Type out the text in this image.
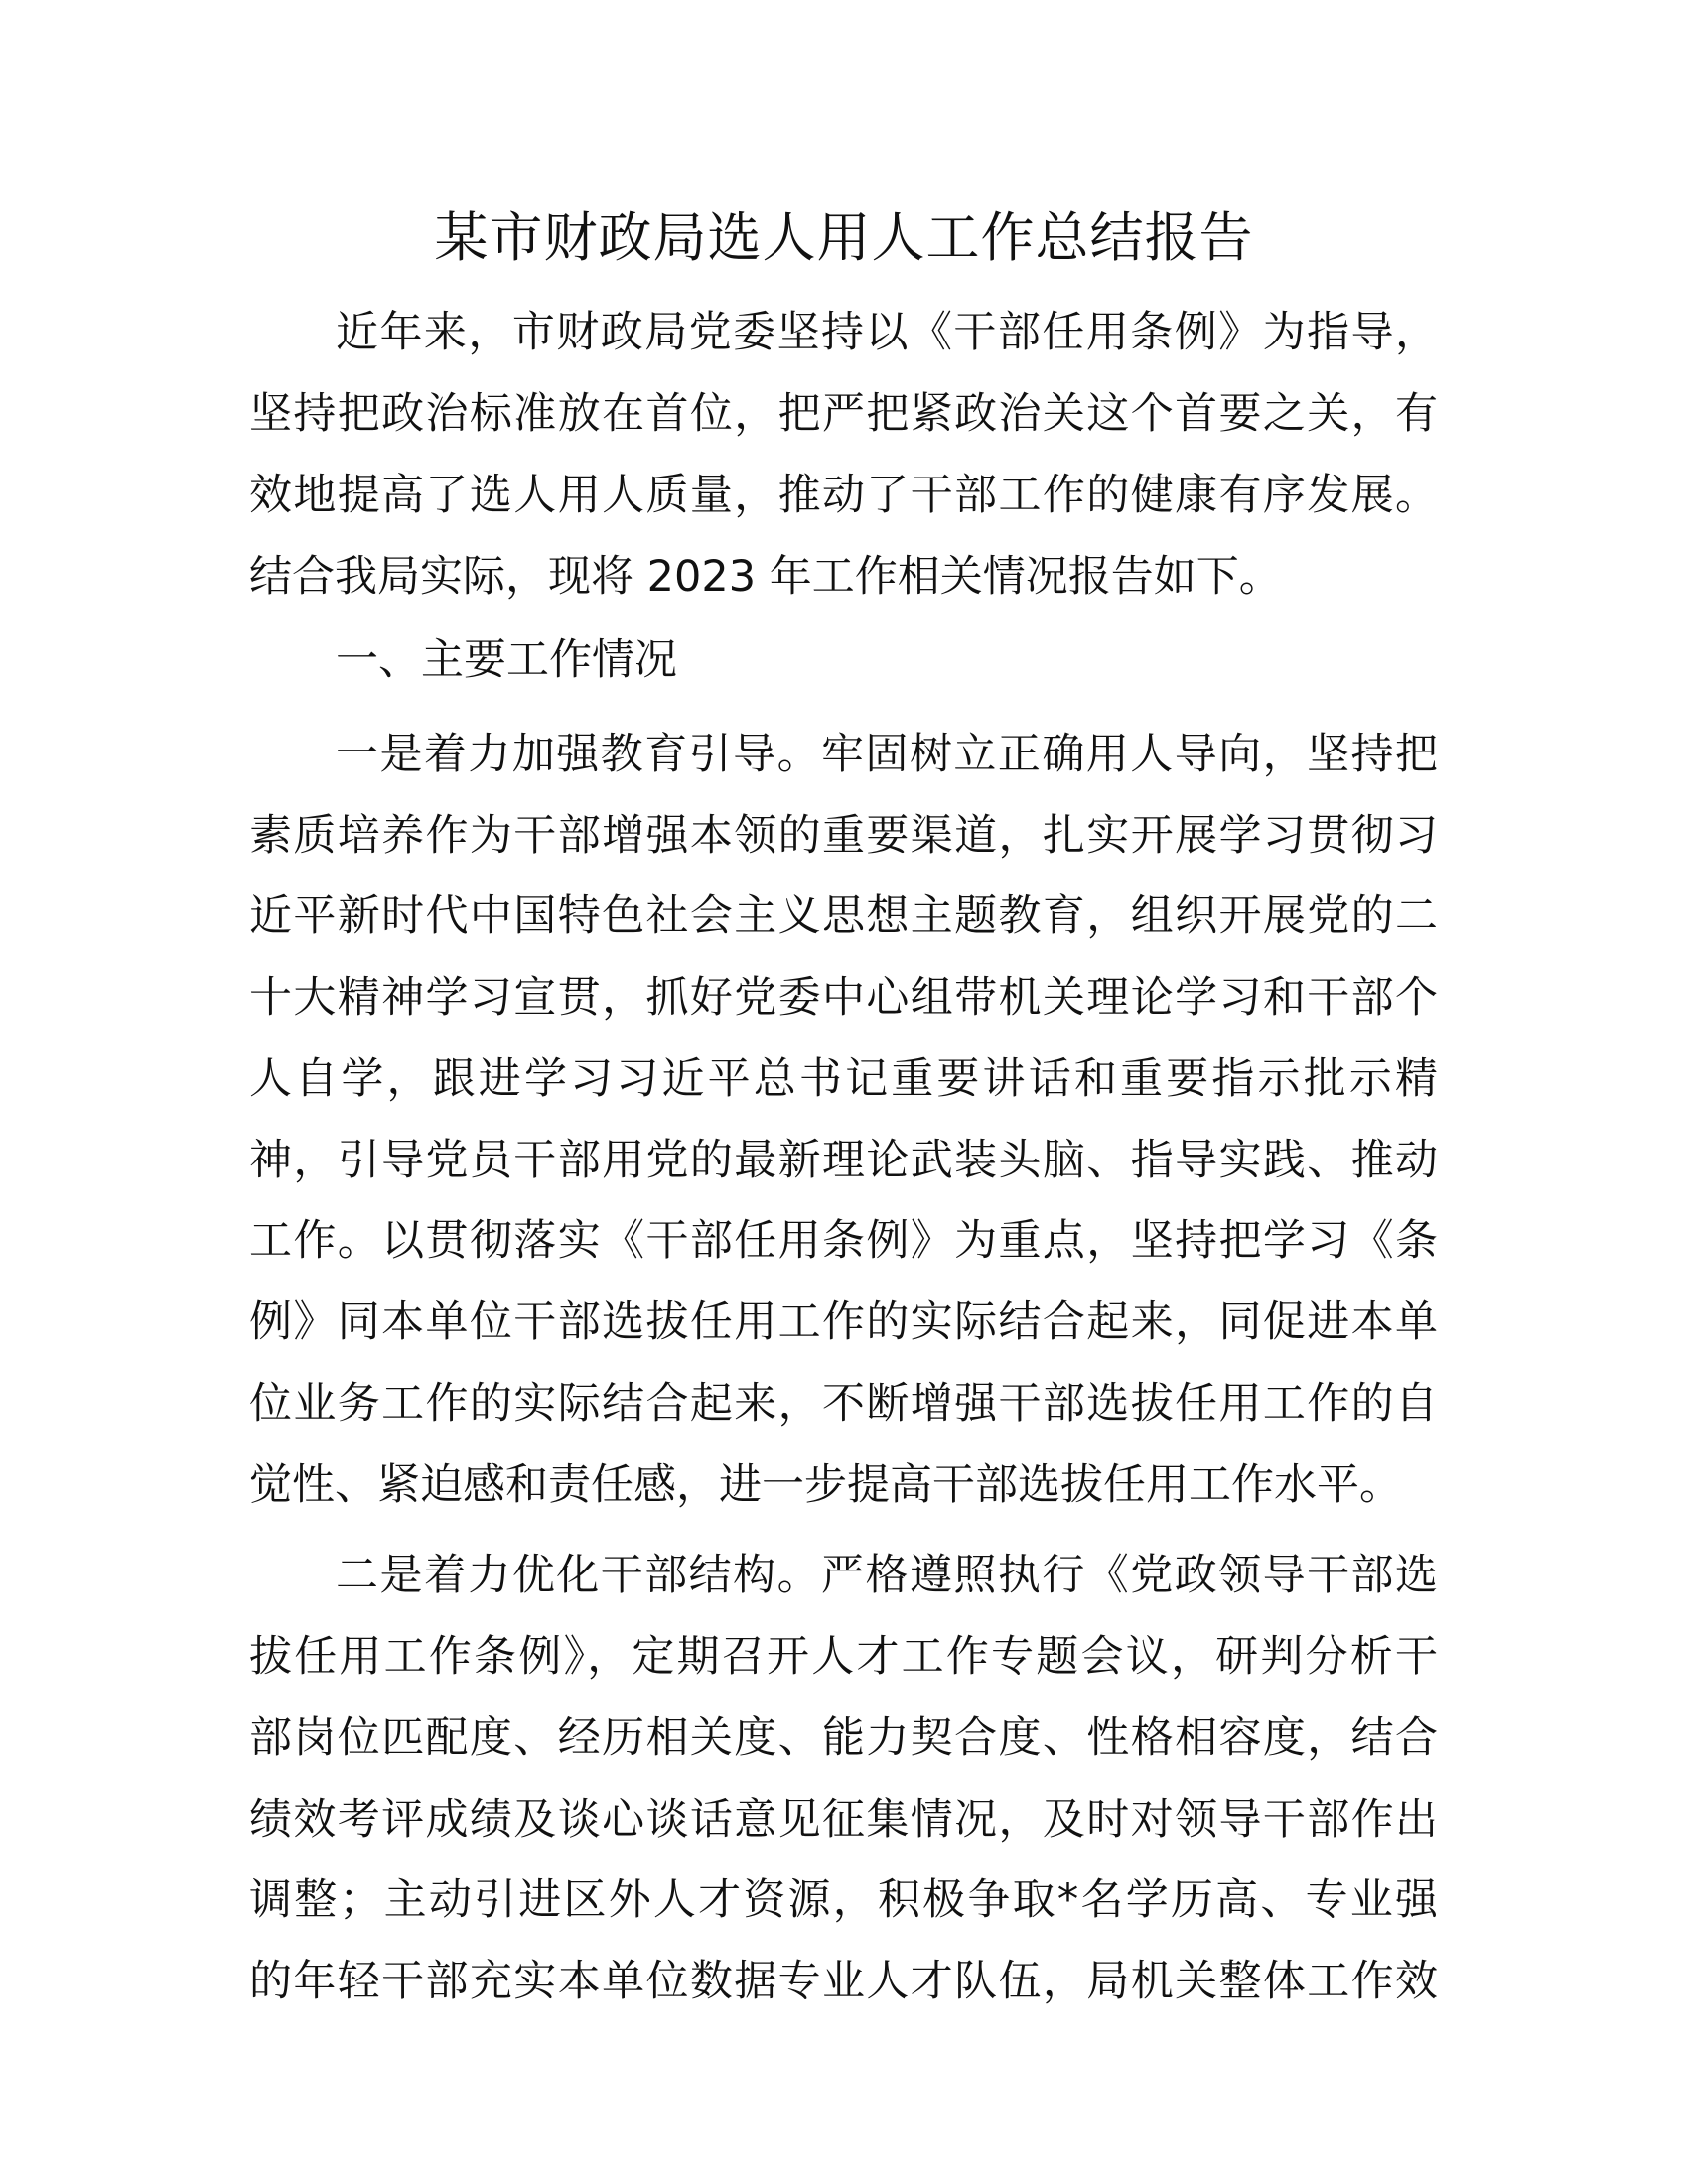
某市财政局选人用人工作总结报告
近年来，市财政局党委坚持以《干部任用条例》为指导，
坚持把政治标准放在首位，把严把紧政治关这个首要之关，有
效地提高了选人用人质量，推动了干部工作的健康有序发展。
结合我局实际，现将 2023 年工作相关情况报告如下。
一、主要工作情况
一是着力加强教育引导。牢固树立正确用人导向，坚持把
素质培养作为干部增强本领的重要渠道，扎实开展学习贯彻习
近平新时代中国特色社会主义思想主题教育，组织开展党的二
十大精神学习宣贯，抓好党委中心组带机关理论学习和干部个
人自学，跟进学习习近平总书记重要讲话和重要指示批示精
神，引导党员干部用党的最新理论武装头脑、指导实践、推动
工作。以贯彻落实《干部任用条例》为重点，坚持把学习《条
例》同本单位干部选拔任用工作的实际结合起来，同促进本单
位业务工作的实际结合起来，不断增强干部选拔任用工作的自
觉性、紧迫感和责任感，进一步提高干部选拔任用工作水平。
二是着力优化干部结构。严格遵照执行《党政领导干部选
拔任用工作条例》，定期召开人才工作专题会议，研判分析干
部岗位匹配度、经历相关度、能力契合度、性格相容度，结合
绩效考评成绩及谈心谈话意见征集情况，及时对领导干部作出
调整；主动引进区外人才资源，积极争取*名学历高、专业强
的年轻干部充实本单位数据专业人才队伍，局机关整体工作效
